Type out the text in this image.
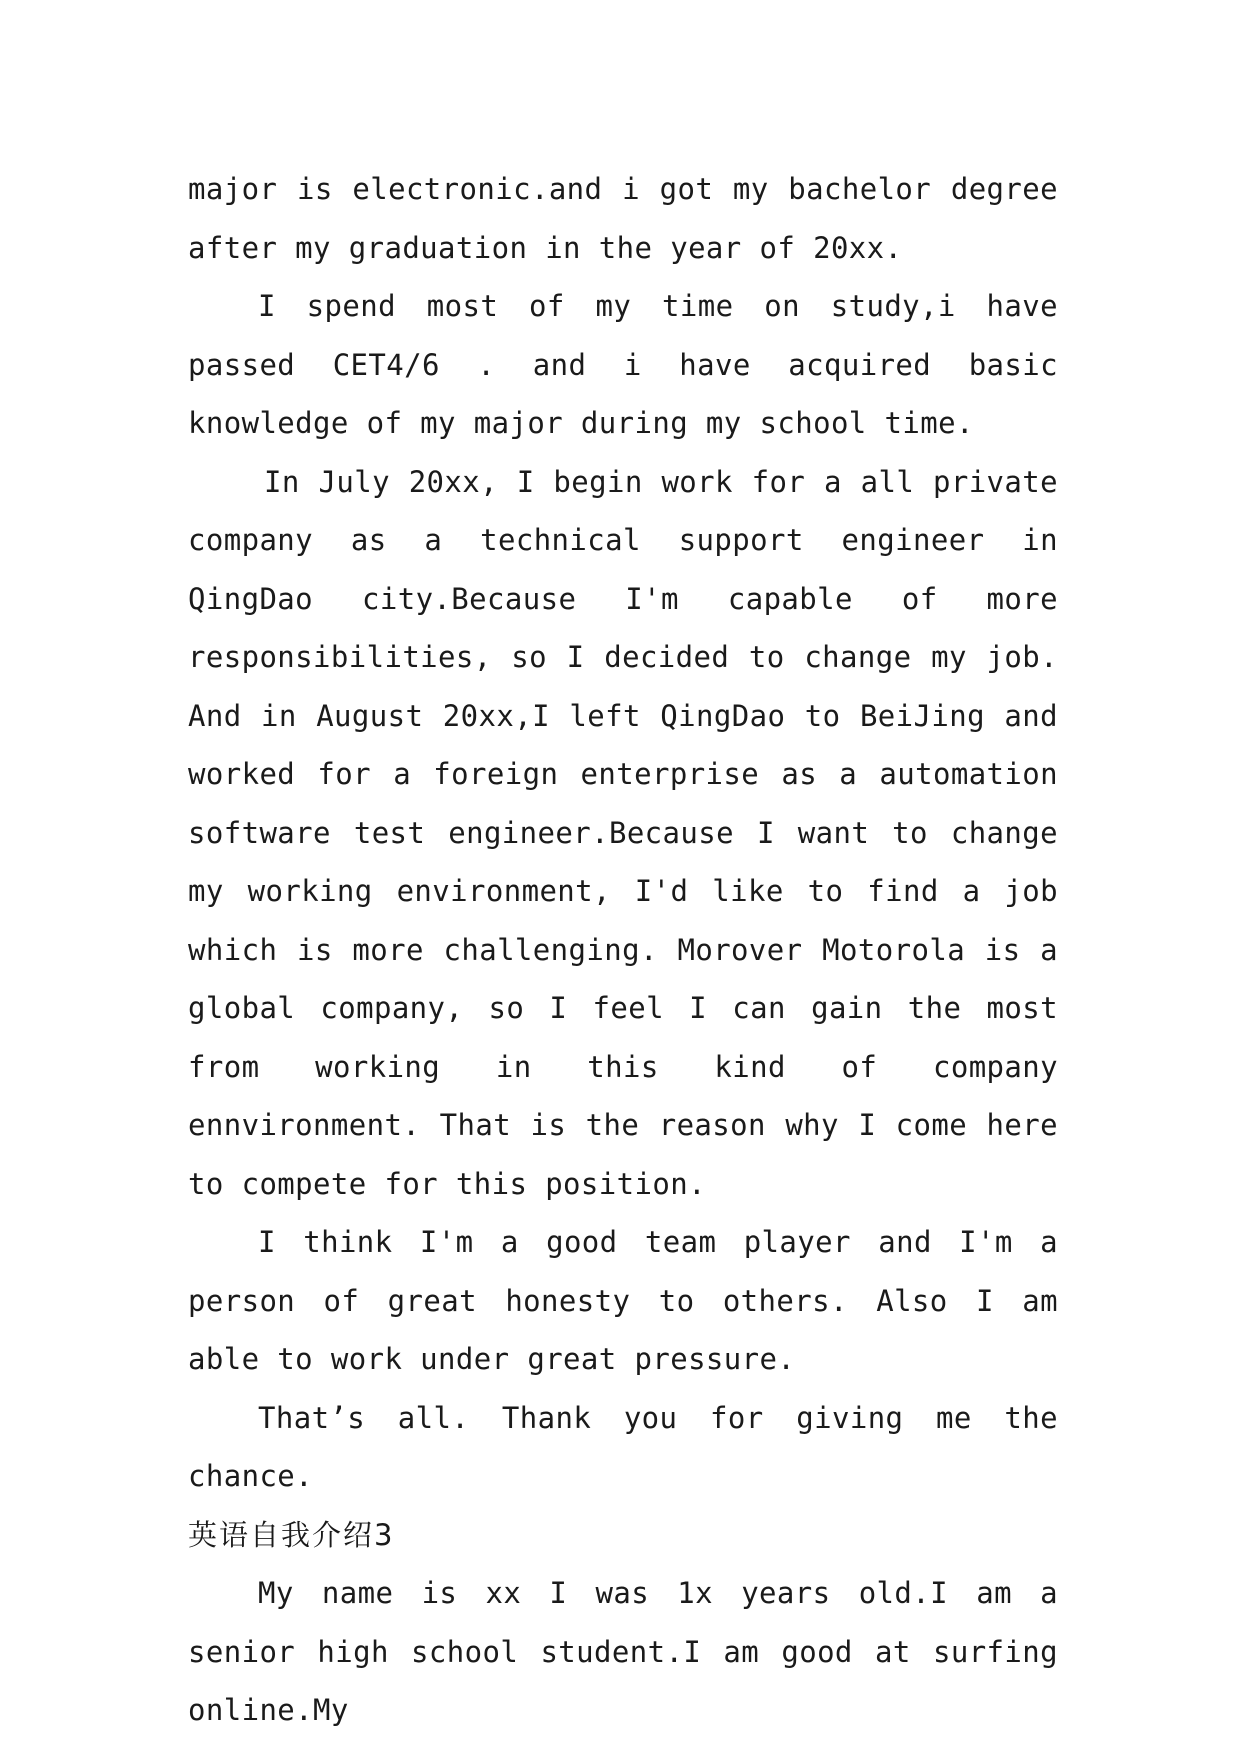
major is electronic.and i got my bachelor degree after my graduation in the year of 20xx.

I spend most of my time on study,i have passed CET4/6 . and i have acquired basic knowledge of my major during my school time.

In July 20xx, I begin work for a all private company as a technical support engineer in QingDao city.Because I'm capable of more responsibilities, so I decided to change my job. And in August 20xx,I left QingDao to BeiJing and worked for a foreign enterprise as a automation software test engineer.Because I want to change my working environment, I'd like to find a job which is more challenging. Morover Motorola is a global company, so I feel I can gain the most from working in this kind of company ennvironment. That is the reason why I come here to compete for this position.

I think I'm a good team player and I'm a person of great honesty to others. Also I am able to work under great pressure.

That’s all. Thank you for giving me the chance.

英语自我介绍3

My name is xx I was 1x years old.I am a senior high school student.I am good at surfing online.My
